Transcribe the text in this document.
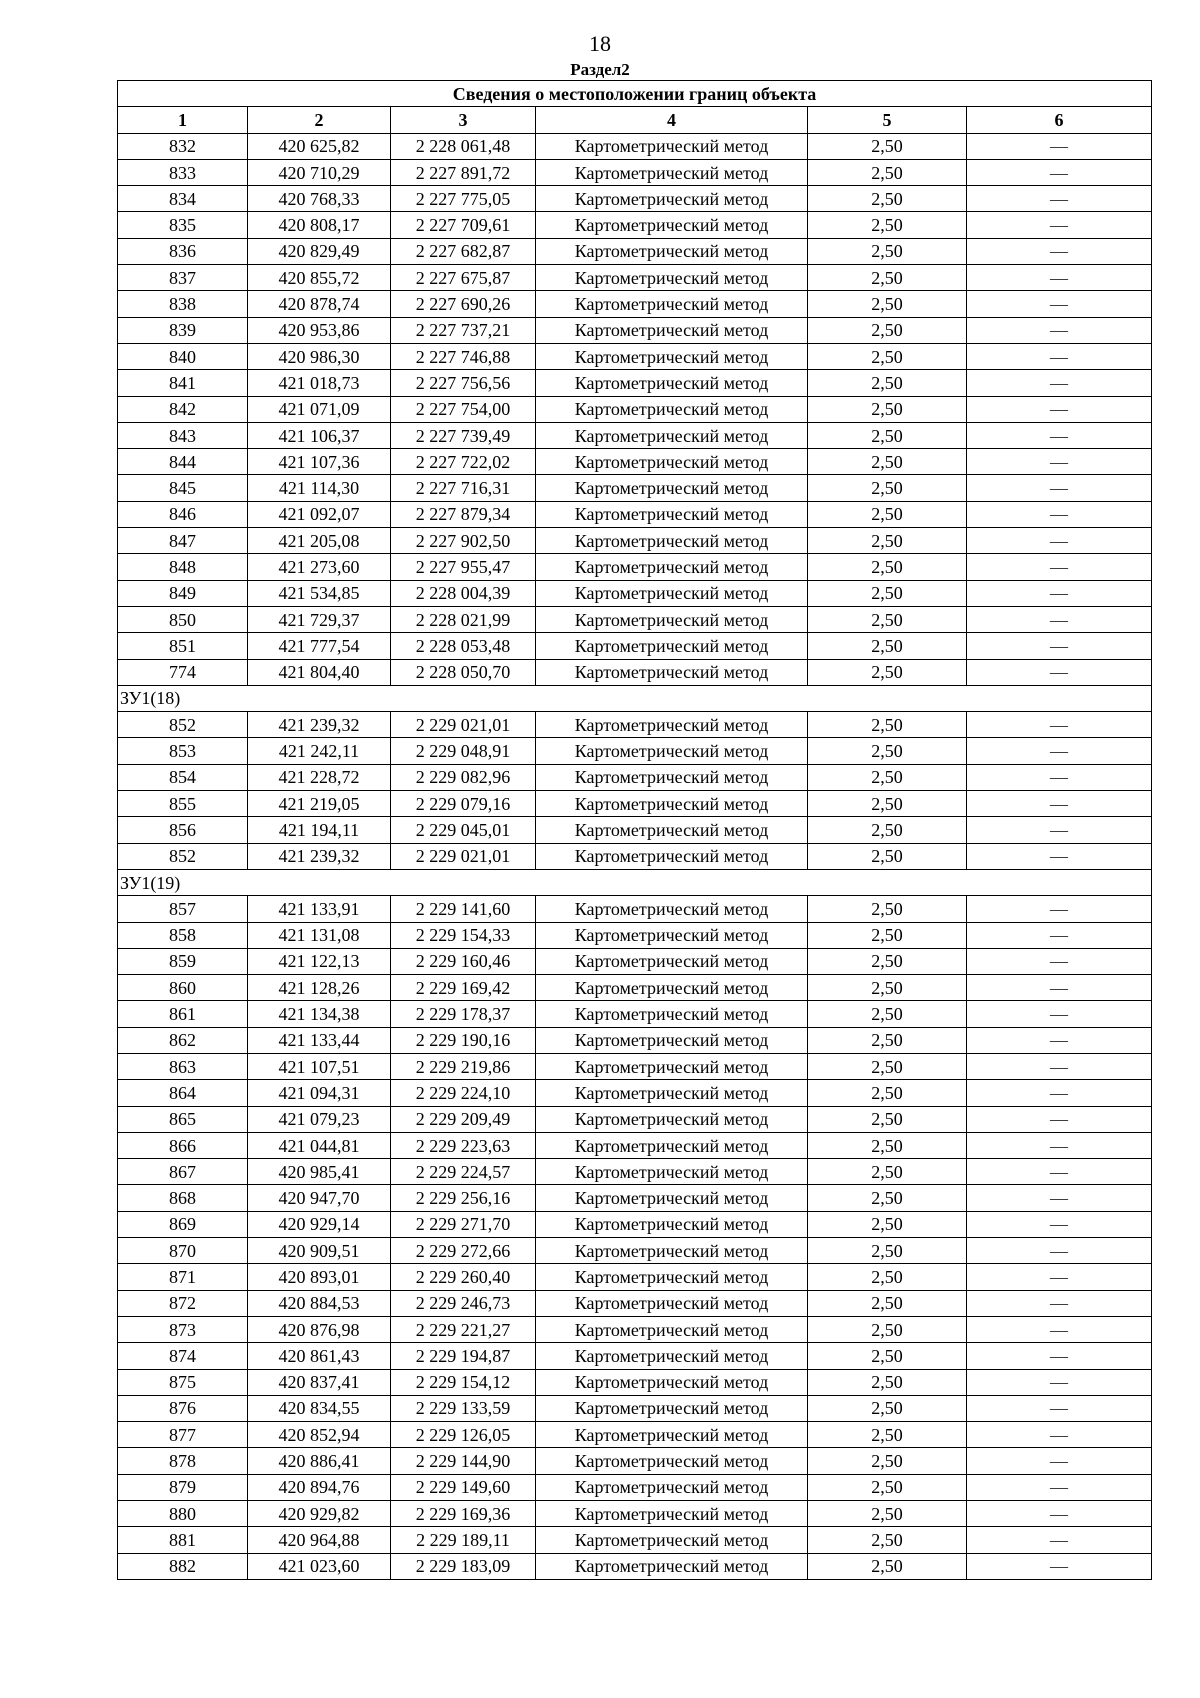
18
Раздел2
Сведения о местоположении границ объекта					
1	2	3	4	5	6
832	420 625,82	2 228 061,48	Картометрический метод	2,50	—
833	420 710,29	2 227 891,72	Картометрический метод	2,50	—
834	420 768,33	2 227 775,05	Картометрический метод	2,50	—
835	420 808,17	2 227 709,61	Картометрический метод	2,50	—
836	420 829,49	2 227 682,87	Картометрический метод	2,50	—
837	420 855,72	2 227 675,87	Картометрический метод	2,50	—
838	420 878,74	2 227 690,26	Картометрический метод	2,50	—
839	420 953,86	2 227 737,21	Картометрический метод	2,50	—
840	420 986,30	2 227 746,88	Картометрический метод	2,50	—
841	421 018,73	2 227 756,56	Картометрический метод	2,50	—
842	421 071,09	2 227 754,00	Картометрический метод	2,50	—
843	421 106,37	2 227 739,49	Картометрический метод	2,50	—
844	421 107,36	2 227 722,02	Картометрический метод	2,50	—
845	421 114,30	2 227 716,31	Картометрический метод	2,50	—
846	421 092,07	2 227 879,34	Картометрический метод	2,50	—
847	421 205,08	2 227 902,50	Картометрический метод	2,50	—
848	421 273,60	2 227 955,47	Картометрический метод	2,50	—
849	421 534,85	2 228 004,39	Картометрический метод	2,50	—
850	421 729,37	2 228 021,99	Картометрический метод	2,50	—
851	421 777,54	2 228 053,48	Картометрический метод	2,50	—
774	421 804,40	2 228 050,70	Картометрический метод	2,50	—
ЗУ1(18)					
852	421 239,32	2 229 021,01	Картометрический метод	2,50	—
853	421 242,11	2 229 048,91	Картометрический метод	2,50	—
854	421 228,72	2 229 082,96	Картометрический метод	2,50	—
855	421 219,05	2 229 079,16	Картометрический метод	2,50	—
856	421 194,11	2 229 045,01	Картометрический метод	2,50	—
852	421 239,32	2 229 021,01	Картометрический метод	2,50	—
ЗУ1(19)					
857	421 133,91	2 229 141,60	Картометрический метод	2,50	—
858	421 131,08	2 229 154,33	Картометрический метод	2,50	—
859	421 122,13	2 229 160,46	Картометрический метод	2,50	—
860	421 128,26	2 229 169,42	Картометрический метод	2,50	—
861	421 134,38	2 229 178,37	Картометрический метод	2,50	—
862	421 133,44	2 229 190,16	Картометрический метод	2,50	—
863	421 107,51	2 229 219,86	Картометрический метод	2,50	—
864	421 094,31	2 229 224,10	Картометрический метод	2,50	—
865	421 079,23	2 229 209,49	Картометрический метод	2,50	—
866	421 044,81	2 229 223,63	Картометрический метод	2,50	—
867	420 985,41	2 229 224,57	Картометрический метод	2,50	—
868	420 947,70	2 229 256,16	Картометрический метод	2,50	—
869	420 929,14	2 229 271,70	Картометрический метод	2,50	—
870	420 909,51	2 229 272,66	Картометрический метод	2,50	—
871	420 893,01	2 229 260,40	Картометрический метод	2,50	—
872	420 884,53	2 229 246,73	Картометрический метод	2,50	—
873	420 876,98	2 229 221,27	Картометрический метод	2,50	—
874	420 861,43	2 229 194,87	Картометрический метод	2,50	—
875	420 837,41	2 229 154,12	Картометрический метод	2,50	—
876	420 834,55	2 229 133,59	Картометрический метод	2,50	—
877	420 852,94	2 229 126,05	Картометрический метод	2,50	—
878	420 886,41	2 229 144,90	Картометрический метод	2,50	—
879	420 894,76	2 229 149,60	Картометрический метод	2,50	—
880	420 929,82	2 229 169,36	Картометрический метод	2,50	—
881	420 964,88	2 229 189,11	Картометрический метод	2,50	—
882	421 023,60	2 229 183,09	Картометрический метод	2,50	—
